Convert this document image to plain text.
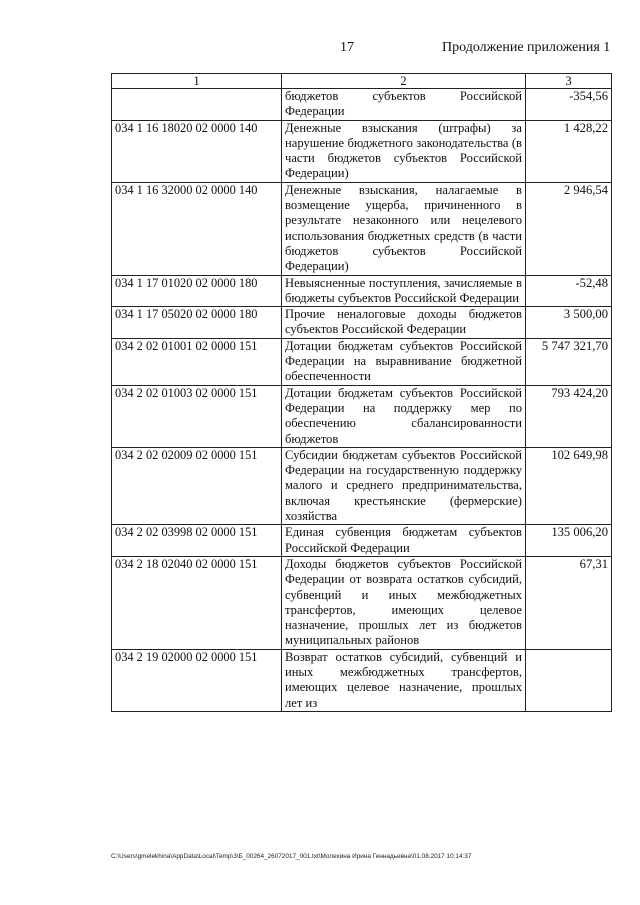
17	Продолжение приложения 1
1	2	3
	бюджетов субъектов Российской Федерации	-354,56
034 1 16 18020 02 0000 140	Денежные взыскания (штрафы) за нарушение бюджетного законодательства (в части бюджетов субъектов Российской Федерации)	1 428,22
034 1 16 32000 02 0000 140	Денежные взыскания, налагаемые в возмещение ущерба, причиненного в результате незаконного или нецелевого использования бюджетных средств (в части бюджетов субъектов Российской Федерации)	2 946,54
034 1 17 01020 02 0000 180	Невыясненные поступления, зачисляемые в бюджеты субъектов Российской Федерации	-52,48
034 1 17 05020 02 0000 180	Прочие неналоговые доходы бюджетов субъектов Российской Федерации	3 500,00
034 2 02 01001 02 0000 151	Дотации бюджетам субъектов Российской Федерации на выравнивание бюджетной обеспеченности	5 747 321,70
034 2 02 01003 02 0000 151	Дотации бюджетам субъектов Российской Федерации на поддержку мер по обеспечению сбалансированности бюджетов	793 424,20
034 2 02 02009 02 0000 151	Субсидии бюджетам субъектов Российской Федерации на государственную поддержку малого и среднего предпринимательства, включая крестьянские (фермерские) хозяйства	102 649,98
034 2 02 03998 02 0000 151	Единая субвенция бюджетам субъектов Российской Федерации	135 006,20
034 2 18 02040 02 0000 151	Доходы бюджетов субъектов Российской Федерации от возврата остатков субсидий, субвенций и иных межбюджетных трансфертов, имеющих целевое назначение, прошлых лет из бюджетов муниципальных районов	67,31
034 2 19 02000 02 0000 151	Возврат остатков субсидий, субвенций и иных межбюджетных трансфертов, имеющих целевое назначение, прошлых лет из	
C:\Users\gmelekhina\AppData\Local\Temp\3\Б_00264_26072017_001.txt\Молехина Ирина Геннадьевна\01.08.2017 10:14:37
